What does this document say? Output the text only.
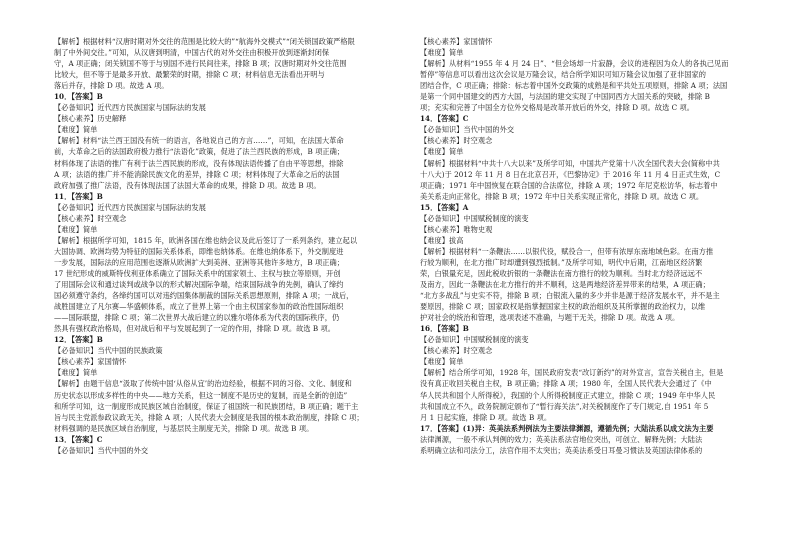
【解析】根据材料“汉唐时期对外交往的范围是比较大的”“航海外交模式”“闭关锁国政策严格限
制了中外间交往。”可知，从汉唐到明清，中国古代的对外交往由积极开放到逐渐封闭保
守，A 项正确；闭关锁国不等于与别国不进行民间往来，排除 B 项；汉唐时期对外交往范围
比较大，但不等于是最多开放、最繁荣的时期，排除 C 项；材料信息无法看出开明与
落后并存，排除 D 项。故选 A 项。
10．【答案】B
【必备知识】近代西方民族国家与国际法的发展
【核心素养】历史解释
【难度】简单
【解析】材料“法兰西王国没有统一的语言，各地说自己的方言……”，可知，在法国大革命
前，大革命之后的法国政府极力推行“法语化”政策，促进了法兰西民族的形成，B 项正确；
材料体现了法语的推广有利于法兰西民族的形成，没有体现法语传播了自由平等思想，排除
A 项；法语的推广并不能消除民族文化的差异，排除 C 项；材料体现了大革命之后的法国
政府加强了推广法语，没有体现法国了法国大革命的成果，排除 D 项。故选 B 项。
11．【答案】B
【必备知识】近代西方民族国家与国际法的发展
【核心素养】时空观念
【难度】简单
【解析】根据所学可知，1815 年，欧洲各国在维也纳会议及此后签订了一系列条约，建立起以
大国协调、欧洲均势为特征的国际关系体系，即维也纳体系。在维也纳体系下，外交制度进
一步发展，国际法的应用范围也逐渐从欧洲扩大到美洲、亚洲等其他许多地方，B 项正确；
17 世纪形成的威斯特伐利亚体系确立了国际关系中的国家领土、主权与独立等原则，开创
了用国际会议和通过谈判或战争以的形式解决国际争端，结束国际战争的先例，确认了缔约
国必须遵守条约，各缔约国可以对违约国集体制裁的国际关系思想原则，排除 A 项；一战后，
战胜国建立了凡尔赛—华盛顿体系，成立了世界上第一个由主权国家参加的政治性国际组织
——国际联盟，排除 C 项；第二次世界大战后建立的以雅尔塔体系为代表的国际秩序，仍
然具有强权政治格局，但对战后和平与发展起到了一定的作用，排除 D 项。故选 B 项。
12．【答案】B
【必备知识】当代中国的民族政策
【核心素养】家国情怀
【难度】简单
【解析】由题干信息“汲取了传统中国‘从俗从宜’的治边经验，根据不同的习俗、文化、制度和
历史状态以形成多样性的中央——地方关系，但这一制度不是历史的复制，而是全新的创造”
和所学可知，这一制度形成民族区域自治制度，保证了祖国统一和民族团结，B 项正确；题干主
旨与民主党派参政议政无关，排除 A 项；人民代表大会制度是我国的根本政治制度，排除 C 项；
材料强调的是民族区域自治制度，与基层民主制度无关，排除 D 项。故选 B 项。
13．【答案】C
【必备知识】当代中国的外交
【核心素养】家国情怀
【难度】简单
【解析】从材料“1955 年 4 月 24 日”、“但会场却一片寂静，会议的进程因为众人的各执己见而
暂停”等信息可以看出这次会议是万隆会议，结合所学知识可知万隆会议加强了亚非国家的
团结合作，C 项正确；排除：标志着中国外交政策的成熟是和平共处五项原则，排除 A 项；法国
是第一个同中国建交的西方大国，与法国的建交实现了中国同西方大国关系的突破，排除 B
项；充实和完善了中国全方位外交格局是改革开放后的外交，排除 D 项。故选 C 项。
14．【答案】C
【必备知识】当代中国的外交
【核心素养】时空观念
【难度】简单
【解析】根据材料“中共十八大以来”及所学可知，中国共产党第十八次全国代表大会(简称中共
十八大)于 2012 年 11 月 8 日在北京召开，《巴黎协定》于 2016 年 11 月 4 日正式生效，C
项正确；1971 年中国恢复在联合国的合法席位，排除 A 项；1972 年尼克松访华，标志着中
美关系走向正常化，排除 B 项；1972 年中日关系实现正常化，排除 D 项。故选 C 项。
15．【答案】A
【必备知识】中国赋税制度的演变
【核心素养】唯物史观
【难度】拔高
【解析】根据材料“一条鞭法……以银代役，赋役合一，但带有浓厚东南地域色彩。在南方推
行较为顺利，在北方推广时却遭到强烈抵制。”及所学可知，明代中后期，江南地区经济繁
荣，白银量充足，因此税收折银的一条鞭法在南方推行的较为顺利。当时北方经济远远不
及南方，因此一条鞭法在北方推行的并不顺利，这是两地经济差异带来的结果，A 项正确；
“北方多战乱”与史实不符，排除 B 项；白银流入量的多少并非是源于经济发展水平，并不是主
要原因，排除 C 项；国家政权是指掌握国家主权的政治组织及其所掌握的政治权力，以维
护对社会的统治和管理，选项表述不准确，与题干无关，排除 D 项。故选 A 项。
16．【答案】B
【必备知识】中国赋税制度的演变
【核心素养】时空观念
【难度】简单
【解析】结合所学可知，1928 年，国民政府发表“改订新约”的对外宣言，宣告关税自主，但是
没有真正收回关税自主权，B 项正确；排除 A 项；1980 年，全国人民代表大会通过了《中
华人民共和国个人所得税》，我国的个人所得税制度正式建立，排除 C 项；1949 年中华人民
共和国成立不久，政务院制定颁布了“暂行海关法”,对关税制度作了专门规定,自 1951 年 5
月 1 日起实施，排除 D 项。故选 B 项。
17．【答案】(1)异：英美法系判例法为主要法律渊源，遵循先例；大陆法系以成文法为主要
法律渊源，一般不承认判例的效力；英美法系法官地位突出，可创立、解释先例；大陆法
系明确立法和司法分工，法官作用不太突出；英美法系受日耳曼习惯法及英国法律体系的
